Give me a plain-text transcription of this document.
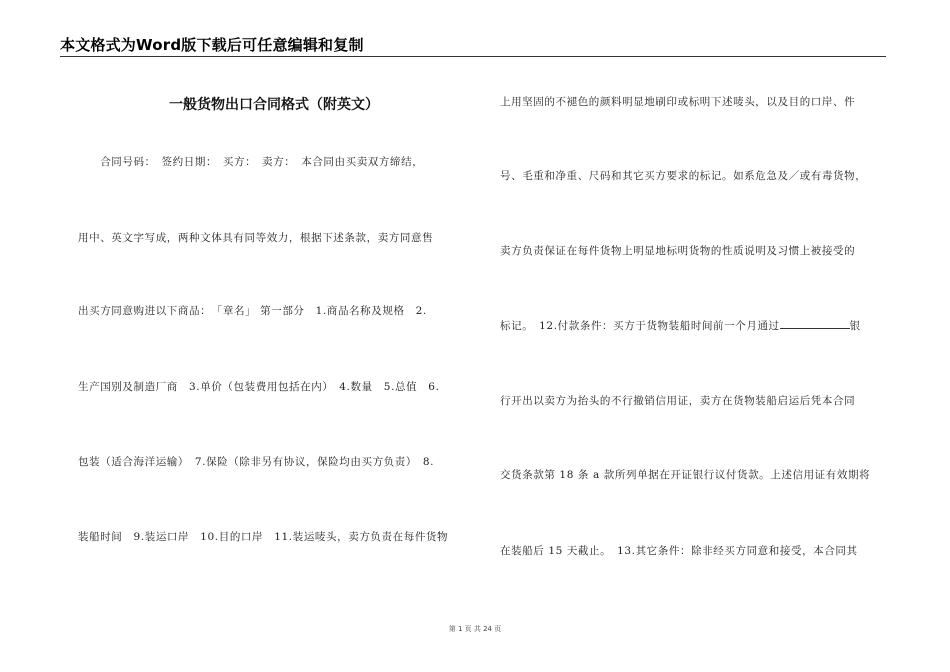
本文格式为Word版下载后可任意编辑和复制
一般货物出口合同格式（附英文）
　　合同号码：　签约日期：　买方：　卖方：　本合同由买卖双方缔结，
用中、英文字写成，两种文体具有同等效力，根据下述条款，卖方同意售
出买方同意购进以下商品：　「章名」 第一部分　1.商品名称及规格　2.
生产国别及制造厂商　3.单价（包装费用包括在内）　4.数量　5.总值　6.
包装（适合海洋运输）　7.保险（除非另有协议，保险均由买方负责）　8.
装船时间　9.装运口岸　10.目的口岸　11.装运唛头，卖方负责在每件货物
上用坚固的不褪色的颜料明显地刷印或标明下述唛头，以及目的口岸、件
号、毛重和净重、尺码和其它买方要求的标记。如系危急及／或有毒货物，
卖方负责保证在每件货物上明显地标明货物的性质说明及习惯上被接受的
标记。　12.付款条件：买方于货物装船时间前一个月通过	银
行开出以卖方为抬头的不行撤销信用证，卖方在货物装船启运后凭本合同
交货条款第 18 条 a 款所列单据在开证银行议付货款。上述信用证有效期将
在装船后 15 天截止。　13.其它条件：除非经买方同意和接受，本合同其
第 1 页 共 24 页
